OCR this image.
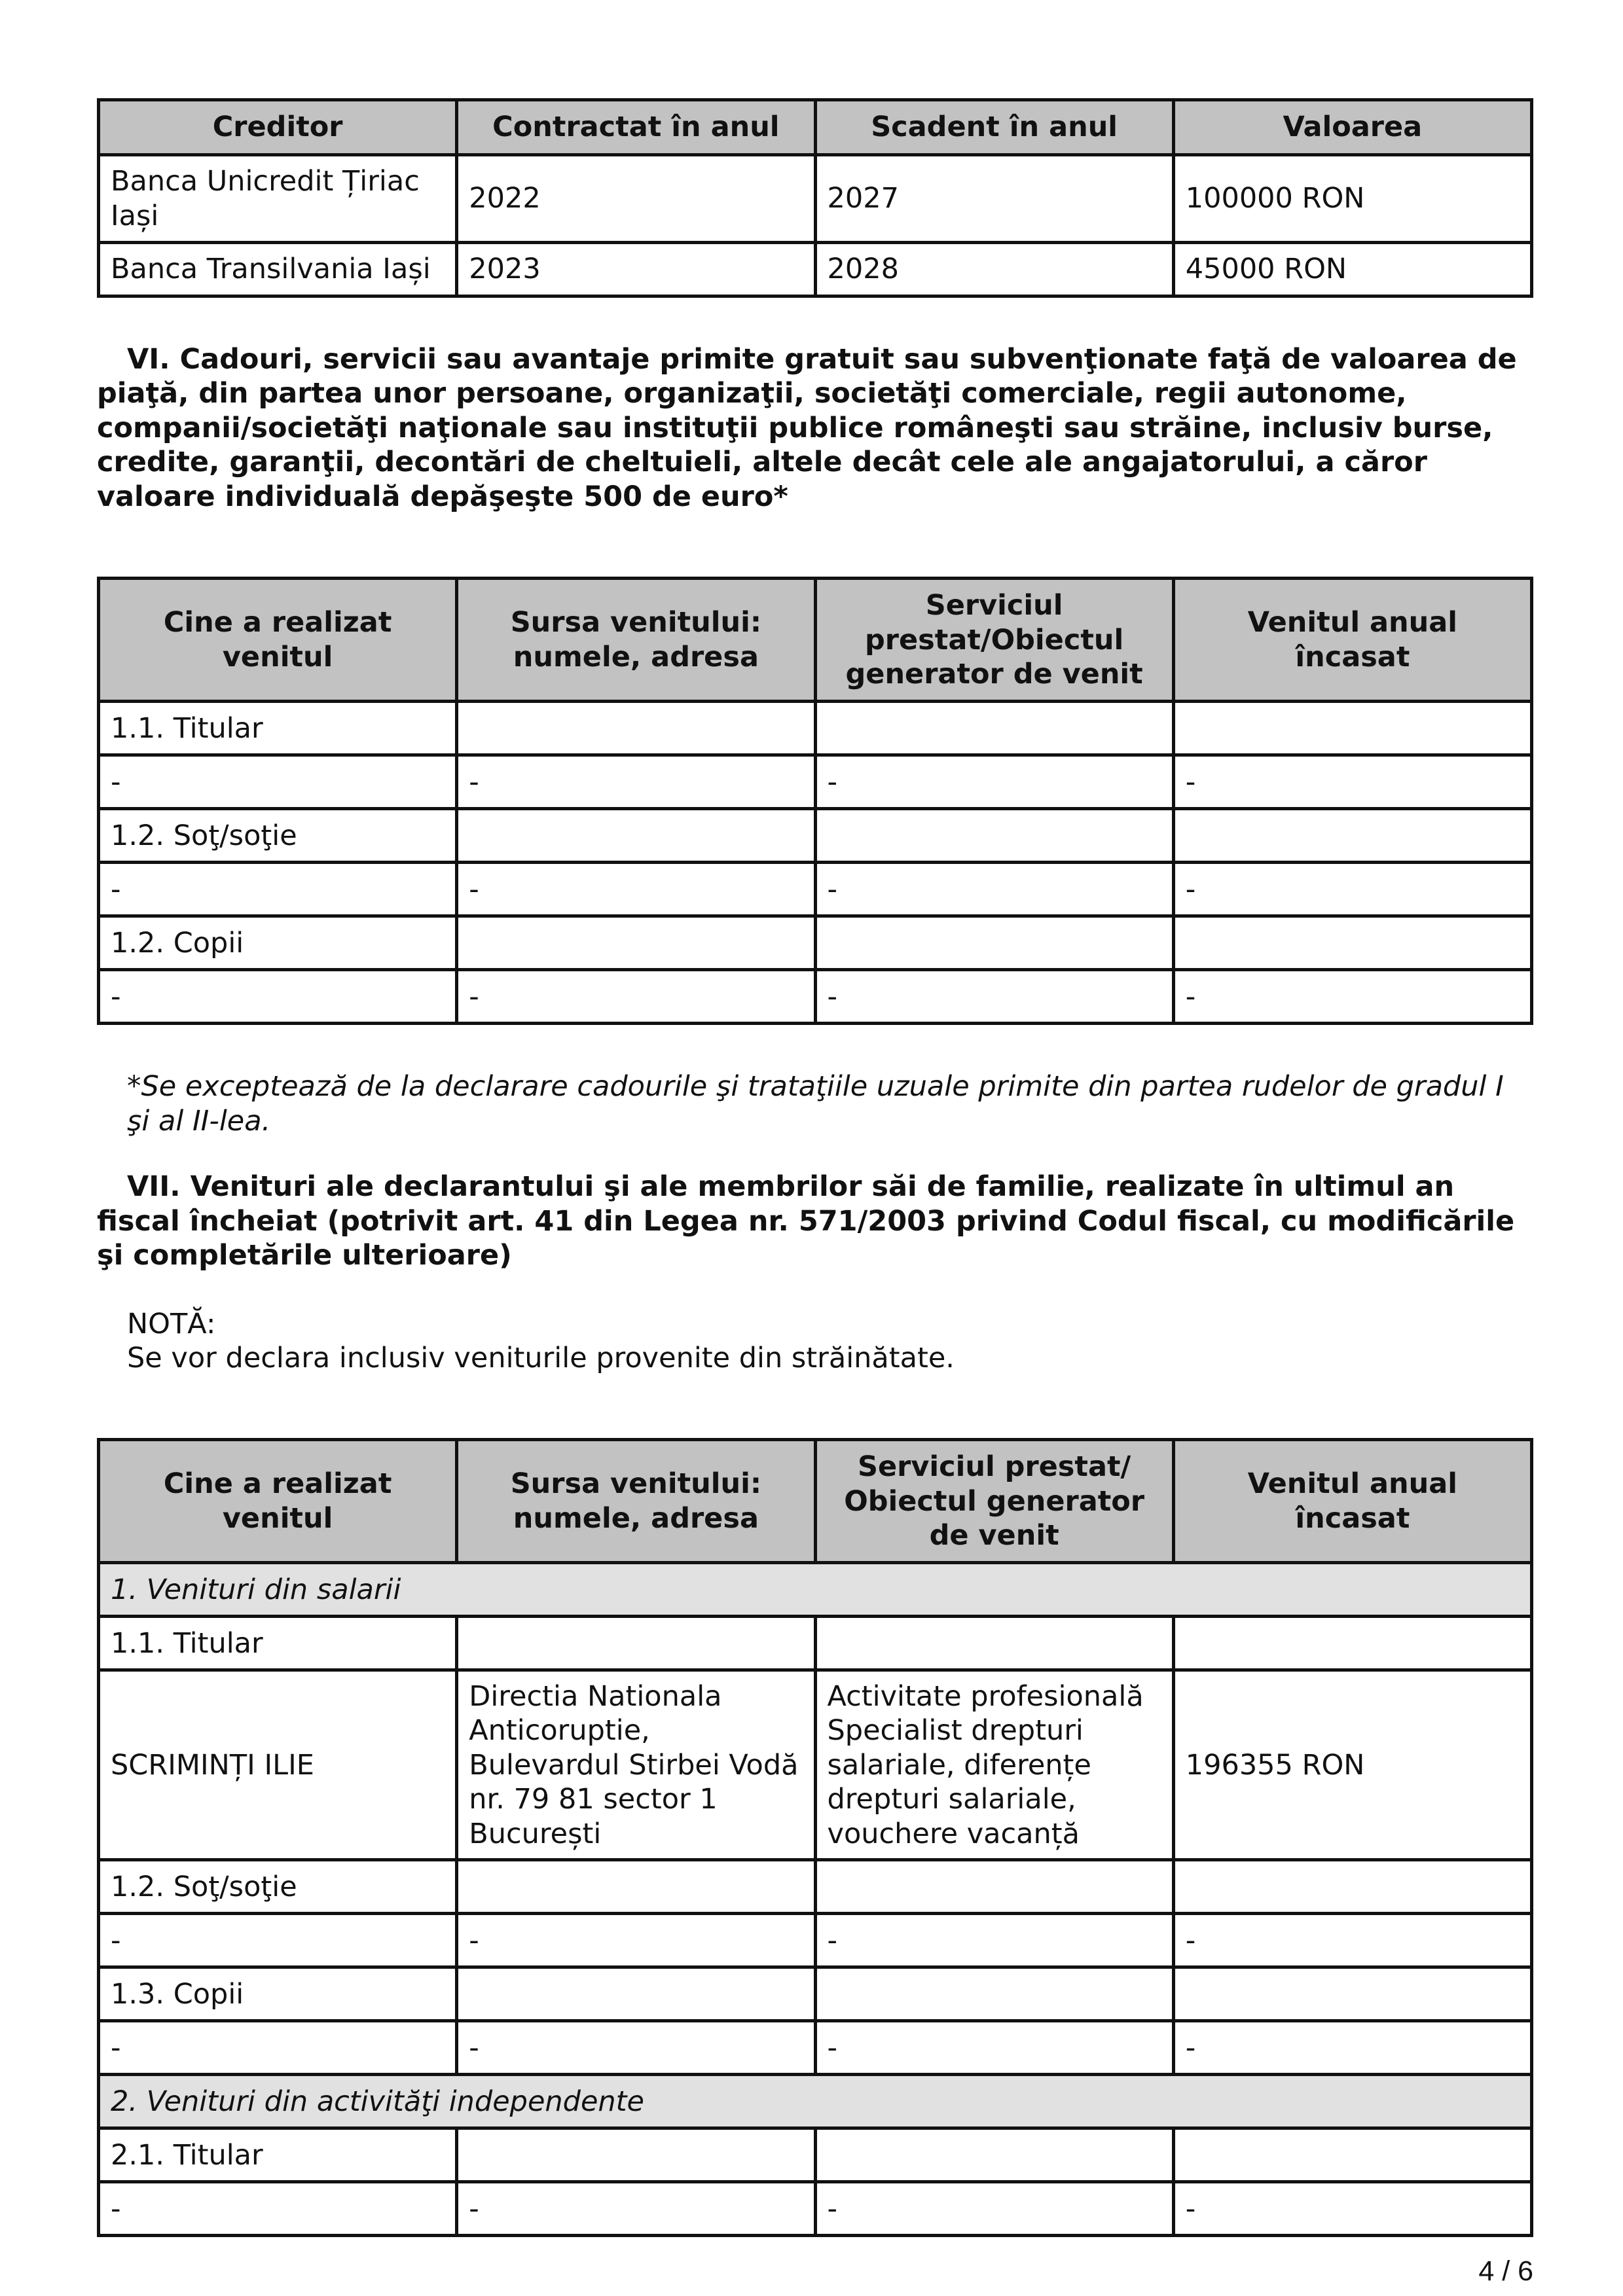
Creditor	Contractat în anul	Scadent în anul	Valoarea
Banca Unicredit Țiriac Iași	2022	2027	100000 RON
Banca Transilvania Iași	2023	2028	45000 RON

VI. Cadouri, servicii sau avantaje primite gratuit sau subvenţionate faţă de valoarea de piaţă, din partea unor persoane, organizaţii, societăţi comerciale, regii autonome, companii/societăţi naţionale sau instituţii publice româneşti sau străine, inclusiv burse, credite, garanţii, decontări de cheltuieli, altele decât cele ale angajatorului, a căror valoare individuală depăşeşte 500 de euro*

Cine a realizat venitul	Sursa venitului: numele, adresa	Serviciul prestat/Obiectul generator de venit	Venitul anual încasat
1.1. Titular			
-	-	-	-
1.2. Soţ/soţie			
-	-	-	-
1.2. Copii			
-	-	-	-

*Se exceptează de la declarare cadourile şi trataţiile uzuale primite din partea rudelor de gradul I şi al II-lea.

VII. Venituri ale declarantului şi ale membrilor săi de familie, realizate în ultimul an fiscal încheiat (potrivit art. 41 din Legea nr. 571/2003 privind Codul fiscal, cu modificările şi completările ulterioare)

NOTĂ:

Se vor declara inclusiv veniturile provenite din străinătate.

Cine a realizat venitul	Sursa venitului: numele, adresa	Serviciul prestat/ Obiectul generator de venit	Venitul anual încasat
1. Venituri din salarii			
1.1. Titular			
SCRIMINȚI ILIE	Directia Nationala Anticoruptie, Bulevardul Stirbei Vodă nr. 79 81 sector 1 București	Activitate profesională Specialist drepturi salariale, diferențe drepturi salariale, vouchere vacanță	196355 RON
1.2. Soţ/soţie			
-	-	-	-
1.3. Copii			
-	-	-	-
2. Venituri din activităţi independente			
2.1. Titular			
-	-	-	-
4 / 6
